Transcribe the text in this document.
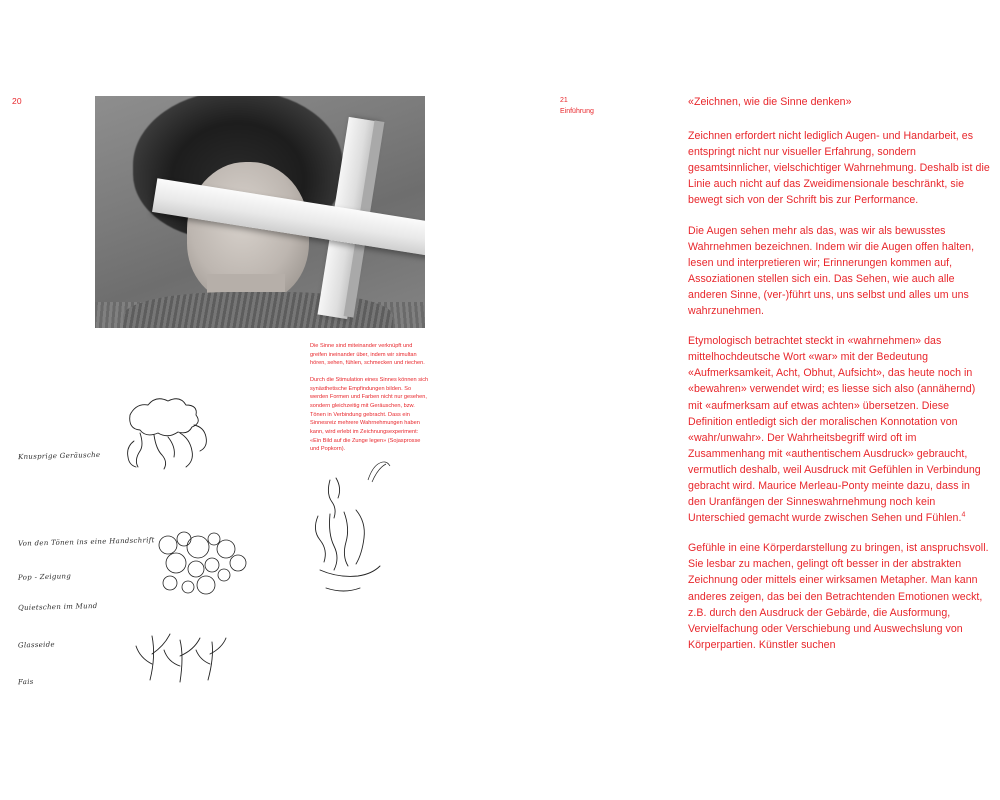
20

Die Sinne sind miteinander verknüpft und greifen ineinander über, indem wir simultan hören, sehen, fühlen, schmecken und riechen.

Durch die Stimulation eines Sinnes können sich synästhetische Empfindungen bilden. So werden Formen und Farben nicht nur gesehen, sondern gleichzeitig mit Geräuschen, bzw. Tönen in Verbindung gebracht. Dass ein Sinnesreiz mehrere Wahrnehmungen haben kann, wird erlebt im Zeichnungsexperiment: «Ein Bild auf die Zunge legen» (Sojasprosse und Popkorn).

Knusprige Geräusche
Von den Tönen ins eine Handschrift
Pop - Zeigung
Quietschen im Mund
Glasseide
Fais
21
Einführung

«Zeichnen, wie die Sinne denken»

Zeichnen erfordert nicht lediglich Augen- und Handarbeit, es entspringt nicht nur visueller Erfahrung, sondern gesamtsinnlicher, vielschichtiger Wahrnehmung. Deshalb ist die Linie auch nicht auf das Zweidimensionale beschränkt, sie bewegt sich von der Schrift bis zur Performance.

Die Augen sehen mehr als das, was wir als bewusstes Wahrnehmen bezeichnen. Indem wir die Augen offen halten, lesen und interpretieren wir; Erinnerungen kommen auf, Assoziationen stellen sich ein. Das Sehen, wie auch alle anderen Sinne, (ver-)führt uns, uns selbst und alles um uns wahrzunehmen.

Etymologisch betrachtet steckt in «wahrnehmen» das mittelhochdeutsche Wort «war» mit der Bedeutung «Aufmerksamkeit, Acht, Obhut, Aufsicht», das heute noch in «bewahren» verwendet wird; es liesse sich also (annähernd) mit «aufmerksam auf etwas achten» übersetzen. Diese Definition entledigt sich der moralischen Konnotation von «wahr/unwahr». Der Wahrheitsbegriff wird oft im Zusammenhang mit «authentischem Ausdruck» gebraucht, vermutlich deshalb, weil Ausdruck mit Gefühlen in Verbindung gebracht wird. Maurice Merleau-Ponty meinte dazu, dass in den Uranfängen der Sinneswahrnehmung noch kein Unterschied gemacht wurde zwischen Sehen und Fühlen.$^4$

Gefühle in eine Körperdarstellung zu bringen, ist anspruchsvoll. Sie lesbar zu machen, gelingt oft besser in der abstrakten Zeichnung oder mittels einer wirksamen Metapher. Man kann anderes zeigen, das bei den Betrachtenden Emotionen weckt, z.B. durch den Ausdruck der Gebärde, die Ausformung, Vervielfachung oder Verschiebung und Auswechslung von Körperpartien. Künstler suchen
